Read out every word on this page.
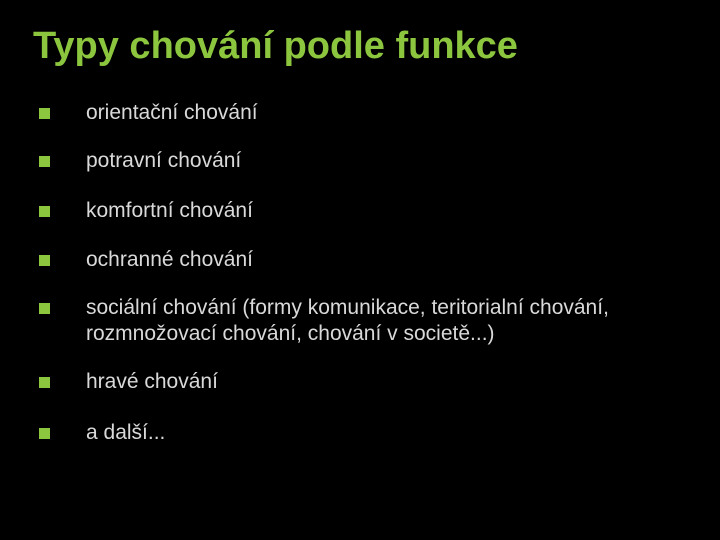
Typy chování podle funkce
orientační chování
potravní chování
komfortní chování
ochranné chování
sociální chování (formy komunikace, teritorialní chování, rozmnožovací chování, chování v societě...)
hravé chování
a další...
